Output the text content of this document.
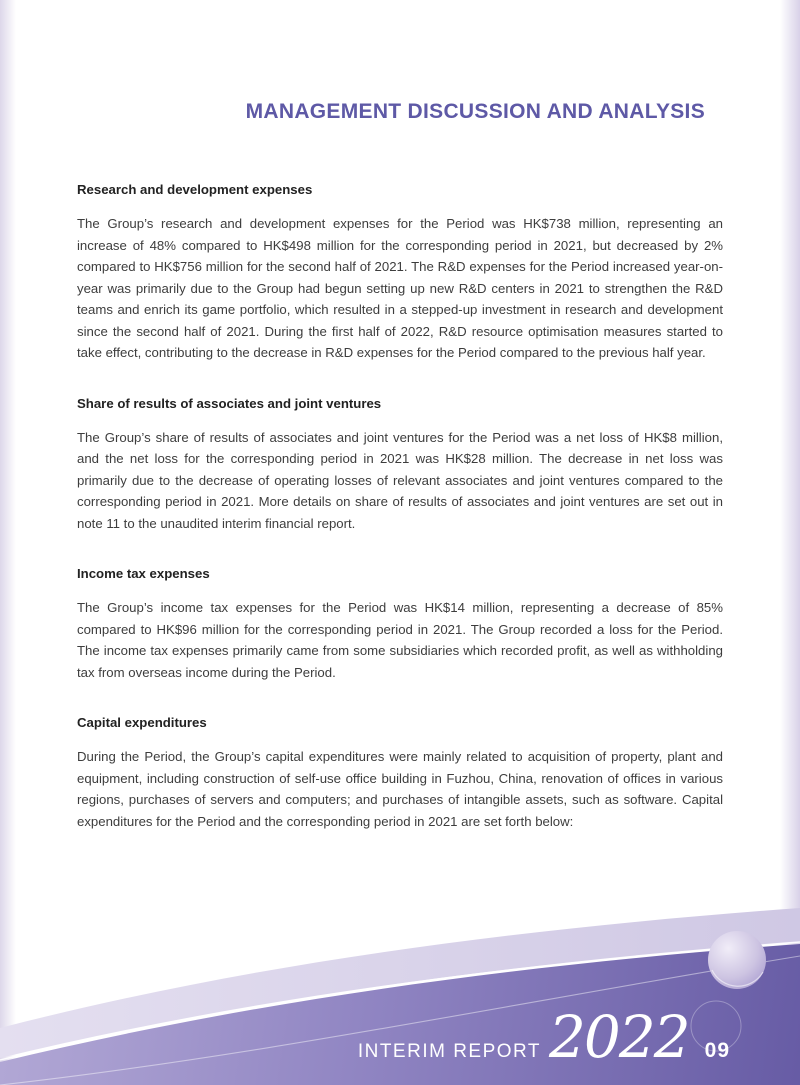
MANAGEMENT DISCUSSION AND ANALYSIS
Research and development expenses

The Group’s research and development expenses for the Period was HK$738 million, representing an increase of 48% compared to HK$498 million for the corresponding period in 2021, but decreased by 2% compared to HK$756 million for the second half of 2021. The R&D expenses for the Period increased year-on-year was primarily due to the Group had begun setting up new R&D centers in 2021 to strengthen the R&D teams and enrich its game portfolio, which resulted in a stepped-up investment in research and development since the second half of 2021. During the first half of 2022, R&D resource optimisation measures started to take effect, contributing to the decrease in R&D expenses for the Period compared to the previous half year.

Share of results of associates and joint ventures

The Group’s share of results of associates and joint ventures for the Period was a net loss of HK$8 million, and the net loss for the corresponding period in 2021 was HK$28 million. The decrease in net loss was primarily due to the decrease of operating losses of relevant associates and joint ventures compared to the corresponding period in 2021. More details on share of results of associates and joint ventures are set out in note 11 to the unaudited interim financial report.

Income tax expenses

The Group’s income tax expenses for the Period was HK$14 million, representing a decrease of 85% compared to HK$96 million for the corresponding period in 2021. The Group recorded a loss for the Period. The income tax expenses primarily came from some subsidiaries which recorded profit, as well as withholding tax from overseas income during the Period.

Capital expenditures

During the Period, the Group’s capital expenditures were mainly related to acquisition of property, plant and equipment, including construction of self-use office building in Fuzhou, China, renovation of offices in various regions, purchases of servers and computers; and purchases of intangible assets, such as software. Capital expenditures for the Period and the corresponding period in 2021 are set forth below:

INTERIM REPORT 2022 09
